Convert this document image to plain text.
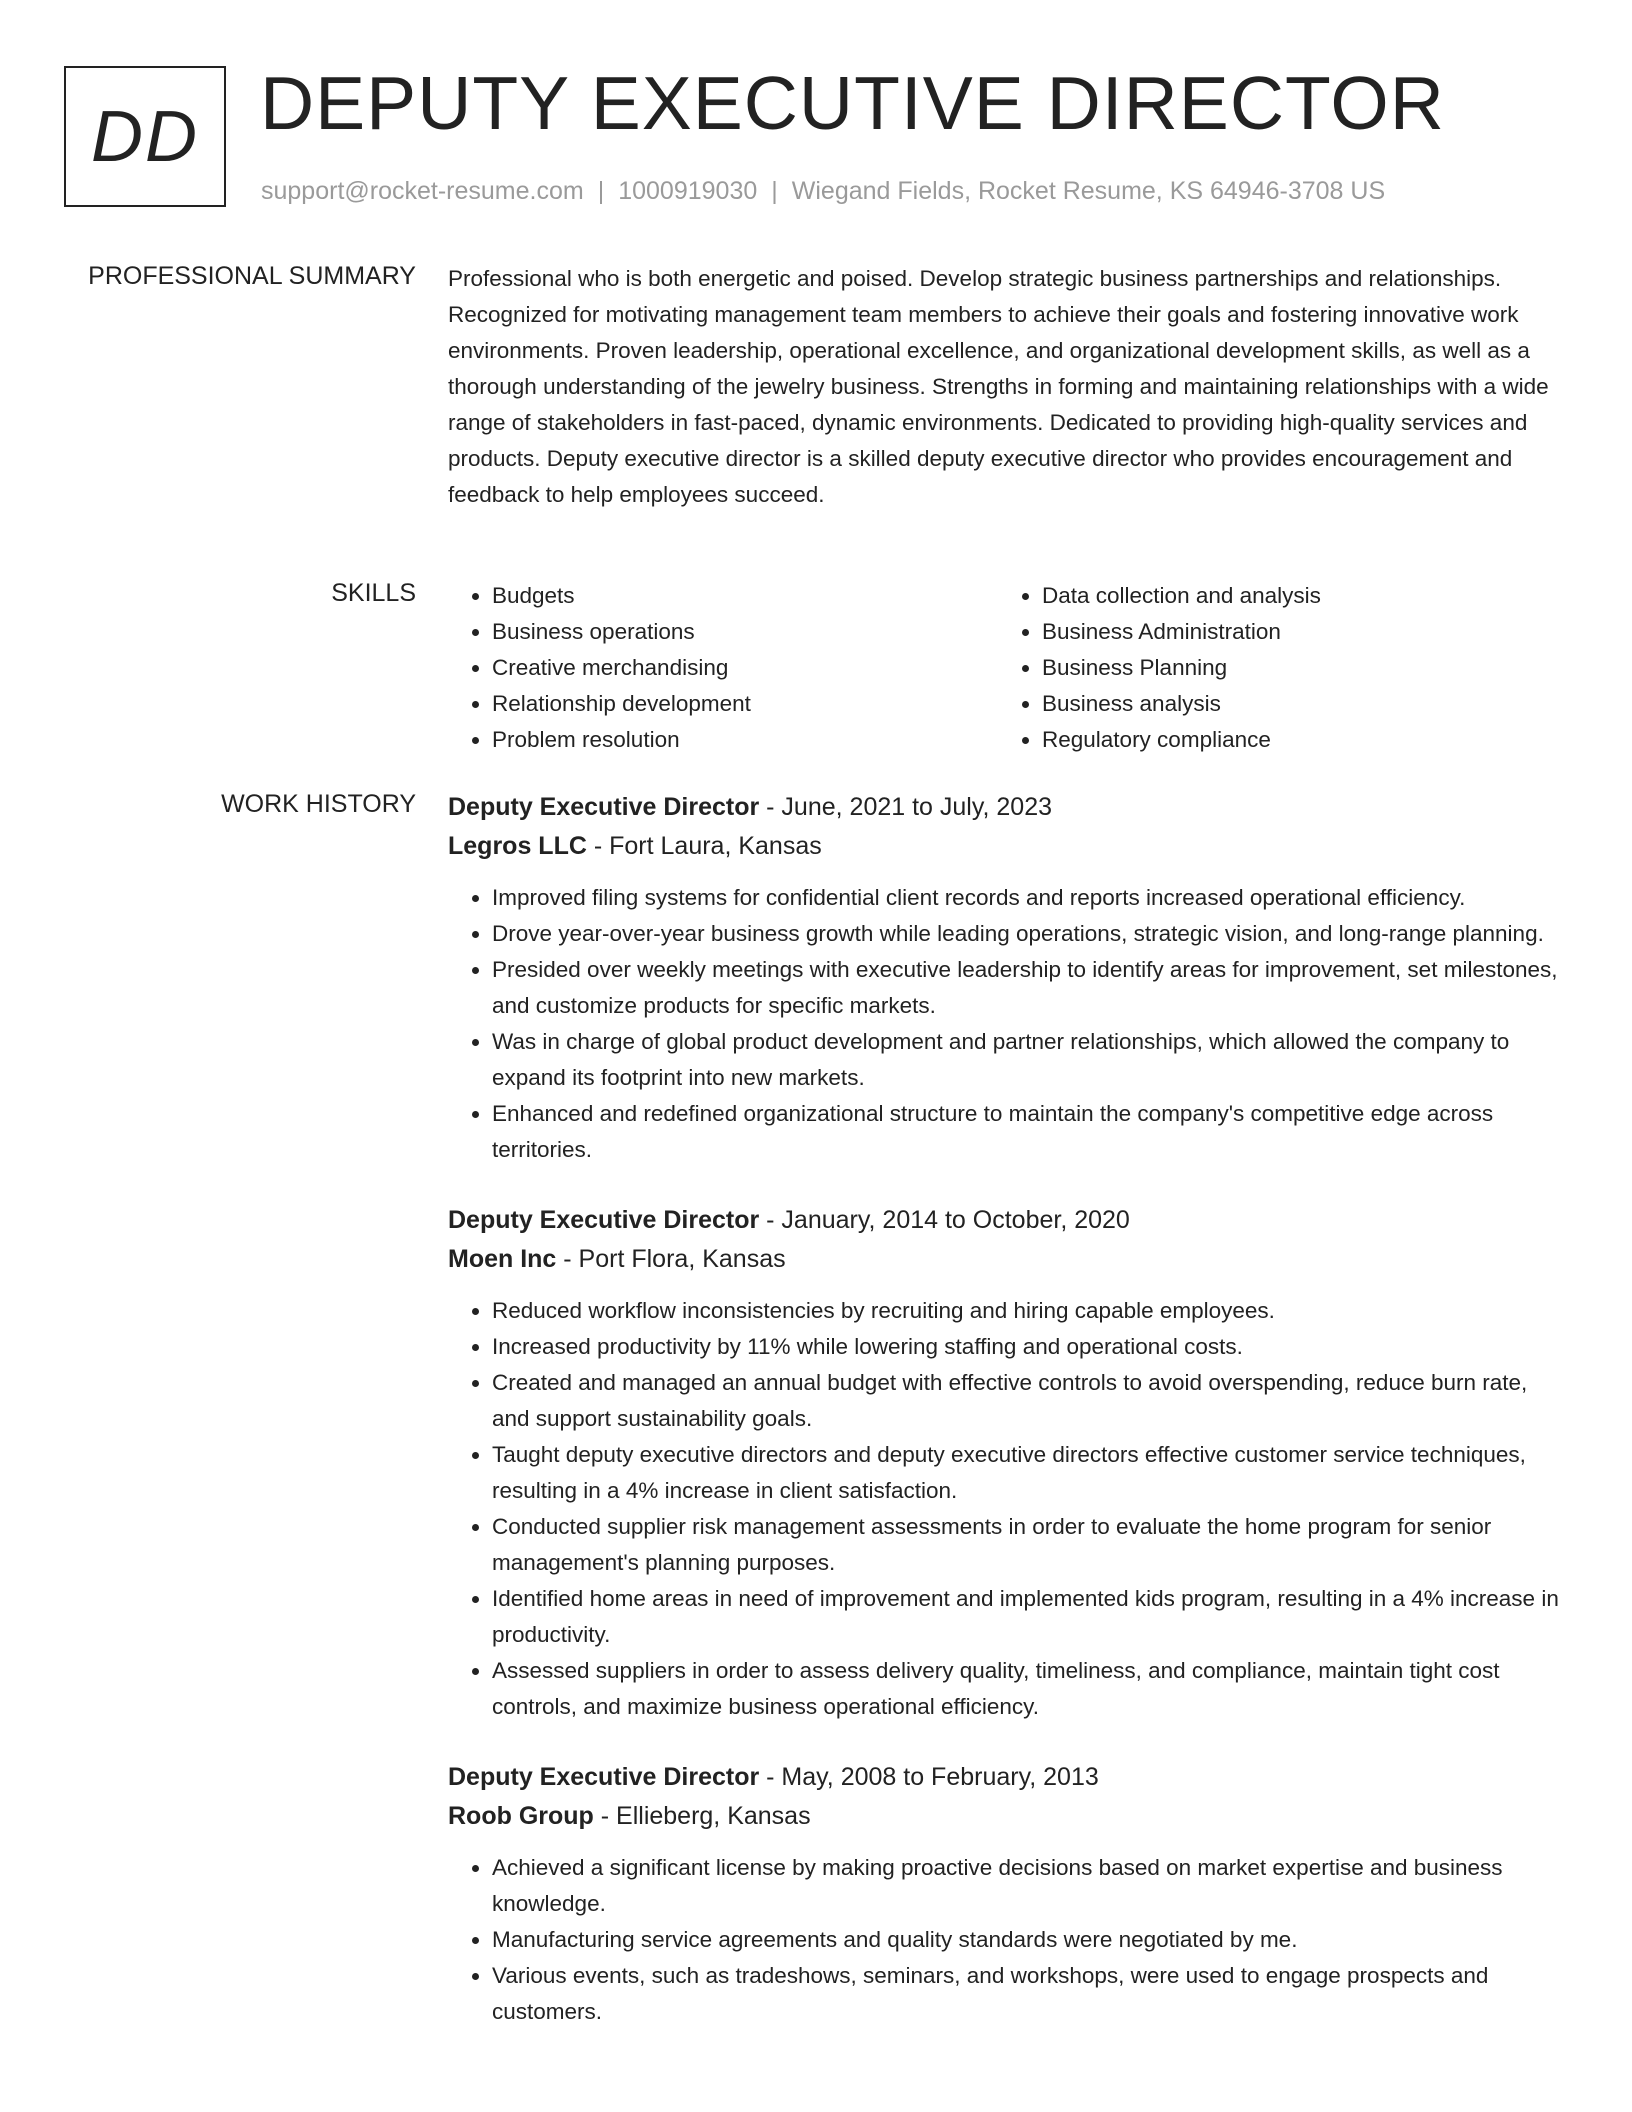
DD DEPUTY EXECUTIVE DIRECTOR
support@rocket-resume.com | 1000919030 | Wiegand Fields, Rocket Resume, KS 64946-3708 US
PROFESSIONAL SUMMARY Professional who is both energetic and poised. Develop strategic business partnerships and relationships. Recognized for motivating management team members to achieve their goals and fostering innovative work environments. Proven leadership, operational excellence, and organizational development skills, as well as a thorough understanding of the jewelry business. Strengths in forming and maintaining relationships with a wide range of stakeholders in fast-paced, dynamic environments. Dedicated to providing high-quality services and products. Deputy executive director is a skilled deputy executive director who provides encouragement and feedback to help employees succeed.

SKILLS
•	Budgets
• Business operations
• Creative merchandising
• Relationship development
• Problem resolution
• Data collection and analysis
• Business Administration
• Business Planning
• Business analysis
• Regulatory compliance
WORK HISTORY Deputy Executive Director - June, 2021 to July, 2023
Legros LLC - Fort Laura, Kansas
• Improved filing systems for confidential client records and reports increased operational efficiency.
• Drove year-over-year business growth while leading operations, strategic vision, and long-range planning.
• Presided over weekly meetings with executive leadership to identify areas for improvement, set milestones, and customize products for specific markets.
• Was in charge of global product development and partner relationships, which allowed the company to expand its footprint into new markets.
• Enhanced and redefined organizational structure to maintain the company's competitive edge across territories.
Deputy Executive Director - January, 2014 to October, 2020
Moen Inc - Port Flora, Kansas
• Reduced workflow inconsistencies by recruiting and hiring capable employees.
• Increased productivity by 11% while lowering staffing and operational costs.
• Created and managed an annual budget with effective controls to avoid overspending, reduce burn rate, and support sustainability goals.
• Taught deputy executive directors and deputy executive directors effective customer service techniques, resulting in a 4% increase in client satisfaction.
• Conducted supplier risk management assessments in order to evaluate the home program for senior management's planning purposes.
• Identified home areas in need of improvement and implemented kids program, resulting in a 4% increase in productivity.
• Assessed suppliers in order to assess delivery quality, timeliness, and compliance, maintain tight cost controls, and maximize business operational efficiency.
Deputy Executive Director - May, 2008 to February, 2013
Roob Group - Ellieberg, Kansas
• Achieved a significant license by making proactive decisions based on market expertise and business knowledge.
• Manufacturing service agreements and quality standards were negotiated by me.
• Various events, such as tradeshows, seminars, and workshops, were used to engage prospects and customers.
